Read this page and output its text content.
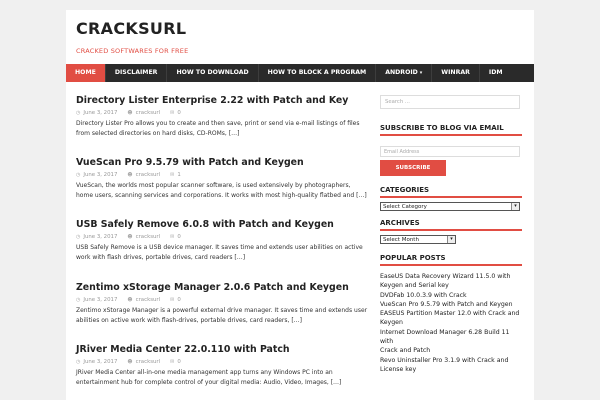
CRACKSURL
CRACKED SOFTWARES FOR FREE
HOME	DISCLAIMER	HOW TO DOWNLOAD	HOW TO BLOCK A PROGRAM	ANDROID ▾	WINRAR	IDM
Directory Lister Enterprise 2.22 with Patch and Key
◷ June 3, 2017 ☻ cracksurl ✉ 0
Directory Lister Pro allows you to create and then save, print or send via e-mail listings of files from selected directories on hard disks, CD-ROMs, […]
VueScan Pro 9.5.79 with Patch and Keygen
◷ June 3, 2017 ☻ cracksurl ✉ 1
VueScan, the worlds most popular scanner software, is used extensively by photographers, home users, scanning services and corporations. It works with most high-quality flatbed and […]
USB Safely Remove 6.0.8 with Patch and Keygen
◷ June 3, 2017 ☻ cracksurl ✉ 0
USB Safely Remove is a USB device manager. It saves time and extends user abilities on active work with flash drives, portable drives, card readers […]
Zentimo xStorage Manager 2.0.6 Patch and Keygen
◷ June 3, 2017 ☻ cracksurl ✉ 0
Zentimo xStorage Manager is a powerful external drive manager. It saves time and extends user abilities on active work with flash-drives, portable drives, card readers, […]
JRiver Media Center 22.0.110 with Patch
◷ June 3, 2017 ☻ cracksurl ✉ 0
JRiver Media Center all-in-one media management app turns any Windows PC into an entertainment hub for complete control of your digital media: Audio, Video, Images, […]
Search ...
SUBSCRIBE TO BLOG VIA EMAIL
Email Address
SUBSCRIBE
CATEGORIES
Select Category	▾
ARCHIVES
Select Month	▾
POPULAR POSTS
EaseUS Data Recovery Wizard 11.5.0 with
Keygen and Serial key
DVDFab 10.0.3.9 with Crack
VueScan Pro 9.5.79 with Patch and Keygen
EASEUS Partition Master 12.0 with Crack and
Keygen
Internet Download Manager 6.28 Build 11 with
Crack and Patch
Revo Uninstaller Pro 3.1.9 with Crack and
License key
